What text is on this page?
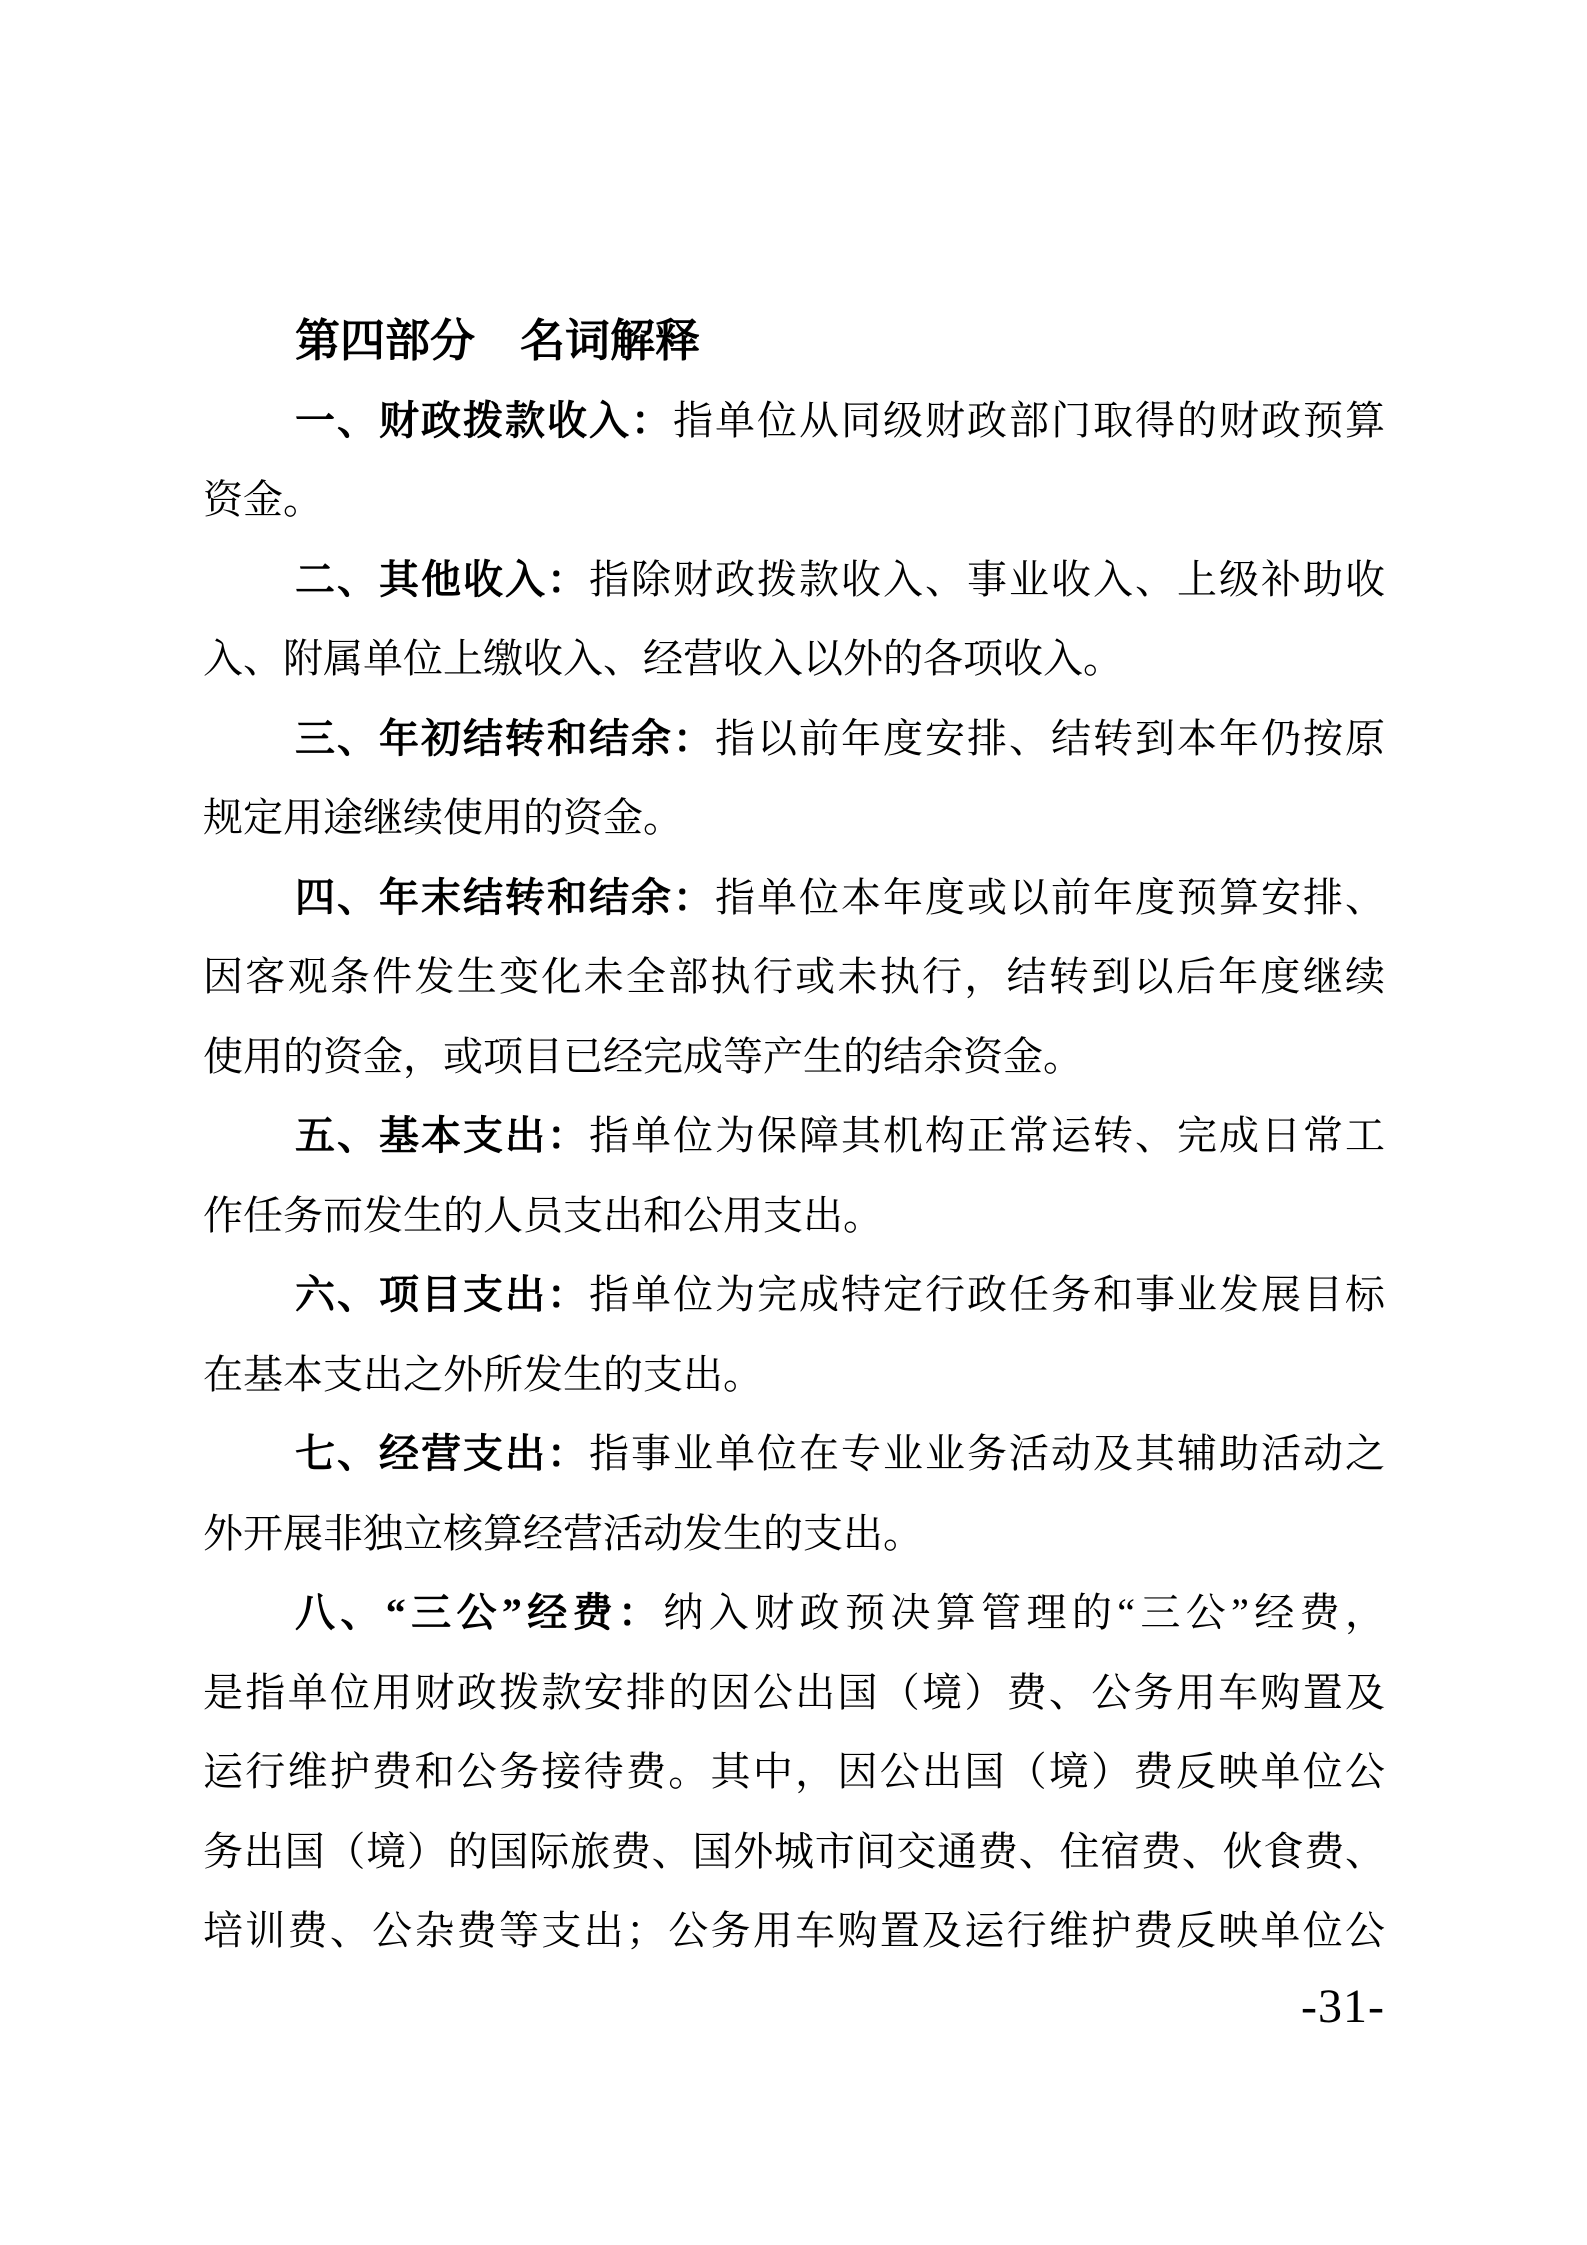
第四部分　名词解释
一、财政拨款收入：指单位从同级财政部门取得的财政预算
资金。
二、其他收入：指除财政拨款收入、事业收入、上级补助收
入、附属单位上缴收入、经营收入以外的各项收入。
三、年初结转和结余：指以前年度安排、结转到本年仍按原
规定用途继续使用的资金。
四、年末结转和结余：指单位本年度或以前年度预算安排、
因客观条件发生变化未全部执行或未执行，结转到以后年度继续
使用的资金，或项目已经完成等产生的结余资金。
五、基本支出：指单位为保障其机构正常运转、完成日常工
作任务而发生的人员支出和公用支出。
六、项目支出：指单位为完成特定行政任务和事业发展目标
在基本支出之外所发生的支出。
七、经营支出：指事业单位在专业业务活动及其辅助活动之
外开展非独立核算经营活动发生的支出。
八、“三公”经费：纳入财政预决算管理的“三公”经费，
是指单位用财政拨款安排的因公出国（境）费、公务用车购置及
运行维护费和公务接待费。其中，因公出国（境）费反映单位公
务出国（境）的国际旅费、国外城市间交通费、住宿费、伙食费、
培训费、公杂费等支出；公务用车购置及运行维护费反映单位公
-31-
